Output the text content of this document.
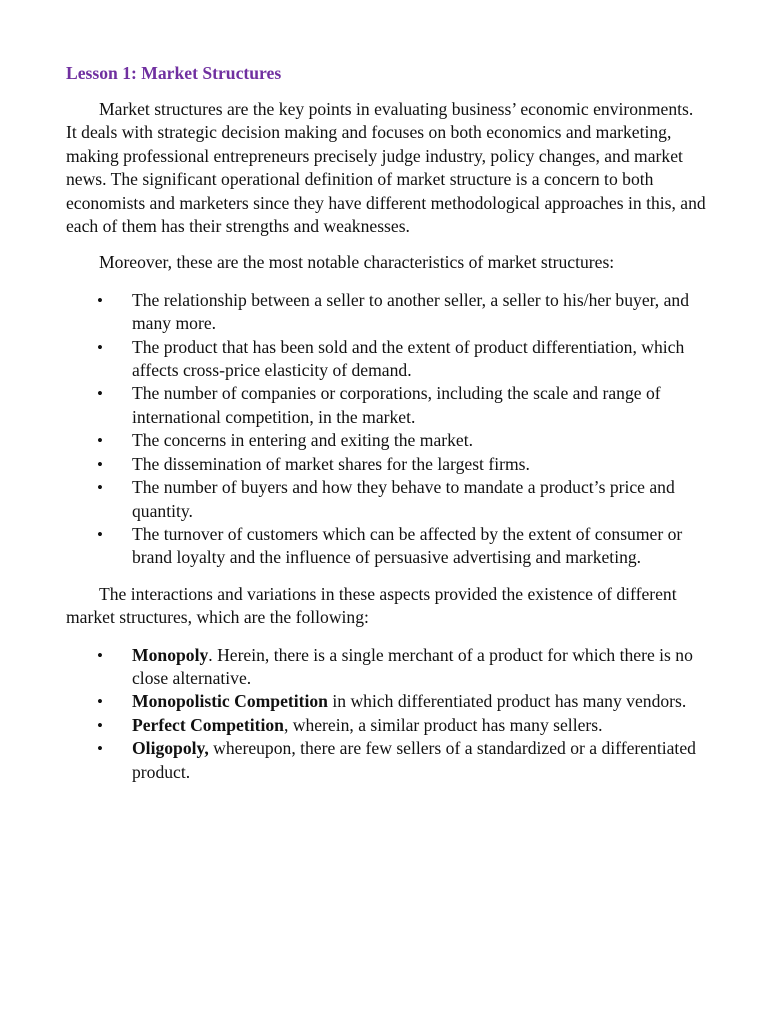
Lesson 1: Market Structures

Market structures are the key points in evaluating business’ economic environments. It deals with strategic decision making and focuses on both economics and marketing, making professional entrepreneurs precisely judge industry, policy changes, and market news. The significant operational definition of market structure is a concern to both economists and marketers since they have different methodological approaches in this, and each of them has their strengths and weaknesses.

Moreover, these are the most notable characteristics of market structures:

• The relationship between a seller to another seller, a seller to his/her buyer, and many more.
• The product that has been sold and the extent of product differentiation, which affects cross-price elasticity of demand.
• The number of companies or corporations, including the scale and range of international competition, in the market.
• The concerns in entering and exiting the market.
• The dissemination of market shares for the largest firms.
• The number of buyers and how they behave to mandate a product’s price and quantity.
• The turnover of customers which can be affected by the extent of consumer or brand loyalty and the influence of persuasive advertising and marketing.

The interactions and variations in these aspects provided the existence of different market structures, which are the following:

• Monopoly. Herein, there is a single merchant of a product for which there is no close alternative.
• Monopolistic Competition in which differentiated product has many vendors.
• Perfect Competition, wherein, a similar product has many sellers.
• Oligopoly, whereupon, there are few sellers of a standardized or a differentiated product.
